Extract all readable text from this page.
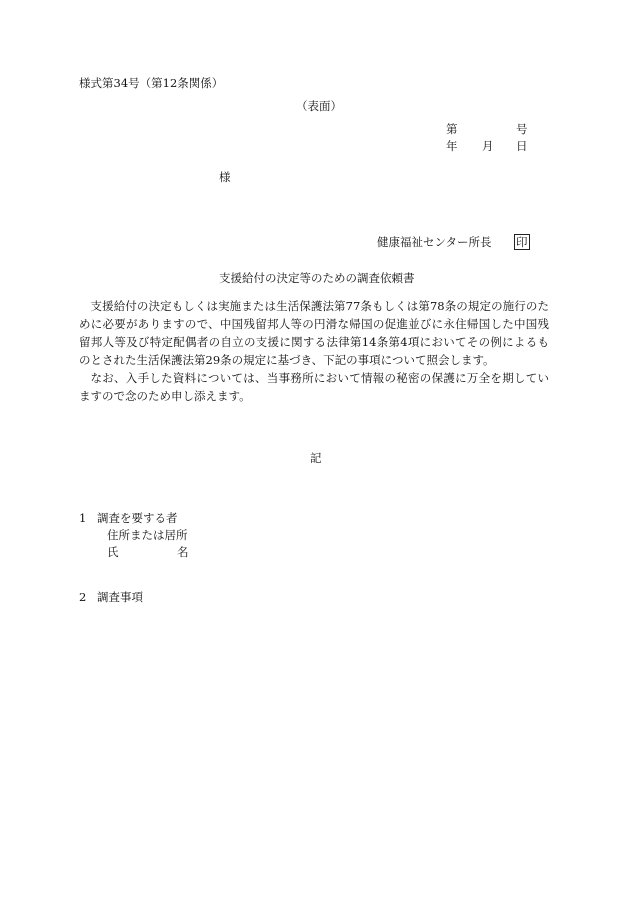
様式第34号（第12条関係）
（表面）
第	号
年 月 日
様
健康福祉センター所長 印
支援給付の決定等のための調査依頼書

支援給付の決定もしくは実施または生活保護法第77条もしくは第78条の規定の施行のために必要がありますので、中国残留邦人等の円滑な帰国の促進並びに永住帰国した中国残留邦人等及び特定配偶者の自立の支援に関する法律第14条第4項においてその例によるものとされた生活保護法第29条の規定に基づき、下記の事項について照会します。

なお、入手した資料については、当事務所において情報の秘密の保護に万全を期していますので念のため申し添えます。

記
1 調査を要する者
住所または居所
氏	名
2 調査事項
